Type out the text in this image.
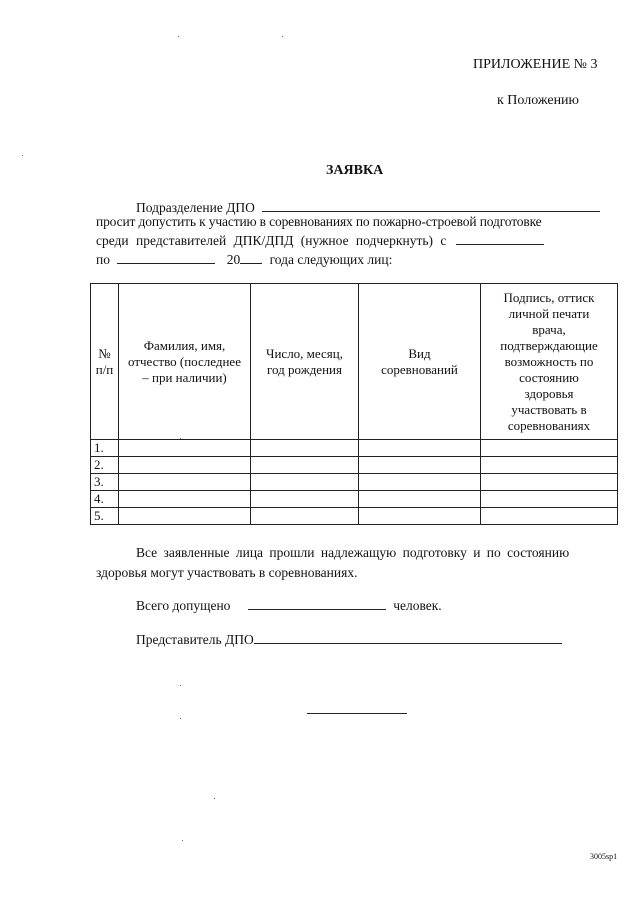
ПРИЛОЖЕНИЕ № 3
к Положению
ЗАЯВКА
Подразделение ДПО
просит допустить к участию в соревнованиях по пожарно-строевой подготовке
среди представителей ДПК/ДПД (нужное подчеркнуть) с
по	20 года следующих лиц:
№ п/п	Фамилия, имя, отчество (последнее – при наличии)	Число, месяц, год рождения	Вид соревнований	Подпись, оттиск личной печати врача, подтверждающие возможность по состоянию здоровья участвовать в соревнованиях
1.				
2.				
3.				
4.				
5.				
Все заявленные лица прошли надлежащую подготовку и по состоянию
здоровья могут участвовать в соревнованиях.
Всего допущено	человек.
Представитель ДПО
3005sp1
